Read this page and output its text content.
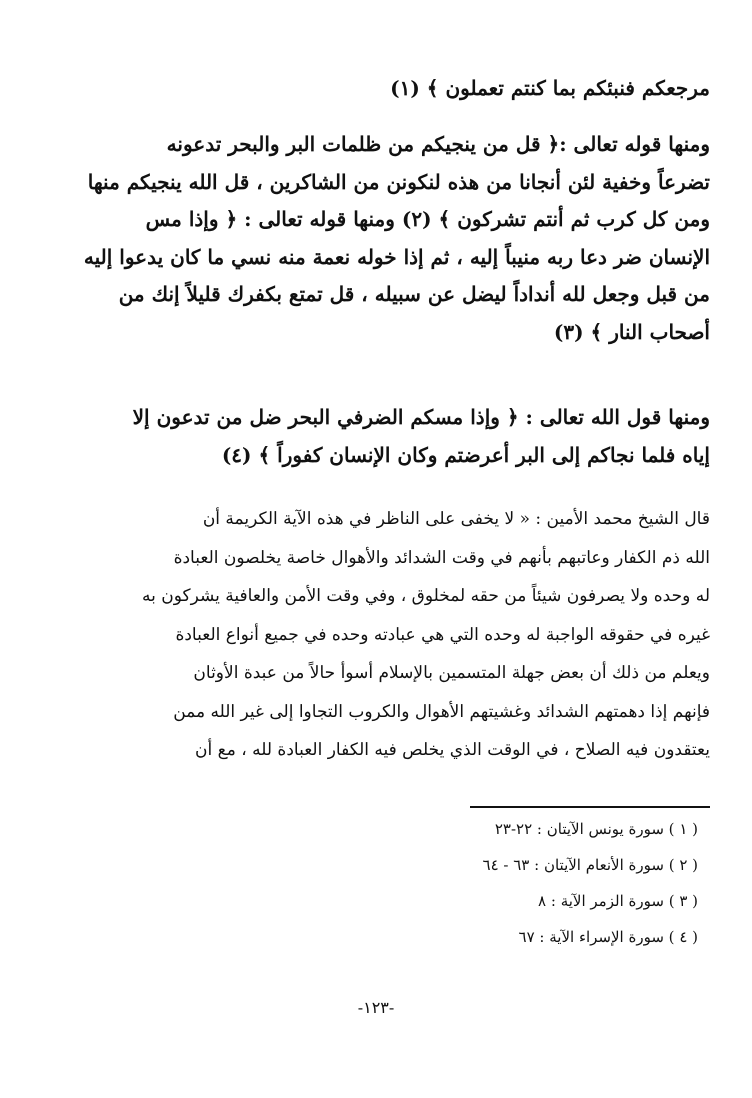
مرجعكم فنبئكم بما كنتم تعملون ﴾ (١)
ومنها قوله تعالى :﴿ قل من ينجيكم من ظلمات البر والبحر تدعونه
تضرعاً وخفية لئن أنجانا من هذه لنكونن من الشاكرين ، قل الله ينجيكم منها
ومن كل كرب ثم أنتم تشركون ﴾ (٢) ومنها قوله تعالى : ﴿ وإذا مس
الإنسان ضر دعا ربه منيباً إليه ، ثم إذا خوله نعمة منه نسي ما كان يدعوا إليه
من قبل وجعل لله أنداداً ليضل عن سبيله ، قل تمتع بكفرك قليلاً إنك من
أصحاب النار ﴾ (٣)
ومنها قول الله تعالى : ﴿ وإذا مسكم الضرفي البحر ضل من تدعون إلا
إياه فلما نجاكم إلى البر أعرضتم وكان الإنسان كفوراً ﴾ (٤)
قال الشيخ محمد الأمين : « لا يخفى على الناظر في هذه الآية الكريمة أن
الله ذم الكفار وعاتبهم بأنهم في وقت الشدائد والأهوال خاصة يخلصون العبادة
له وحده ولا يصرفون شيئاً من حقه لمخلوق ، وفي وقت الأمن والعافية يشركون به
غيره في حقوقه الواجبة له وحده التي هي عبادته وحده في جميع أنواع العبادة
ويعلم من ذلك أن بعض جهلة المتسمين بالإسلام أسوأ حالاً من عبدة الأوثان
فإنهم إذا دهمتهم الشدائد وغشيتهم الأهوال والكروب التجاوا إلى غير الله ممن
يعتقدون فيه الصلاح ، في الوقت الذي يخلص فيه الكفار العبادة لله ، مع أن
( ١ ) سورة يونس الآيتان : ٢٢-٢٣
( ٢ ) سورة الأنعام الآيتان : ٦٣ - ٦٤
( ٣ ) سورة الزمر الآية : ٨
( ٤ ) سورة الإسراء الآية : ٦٧
-١٢٣-
